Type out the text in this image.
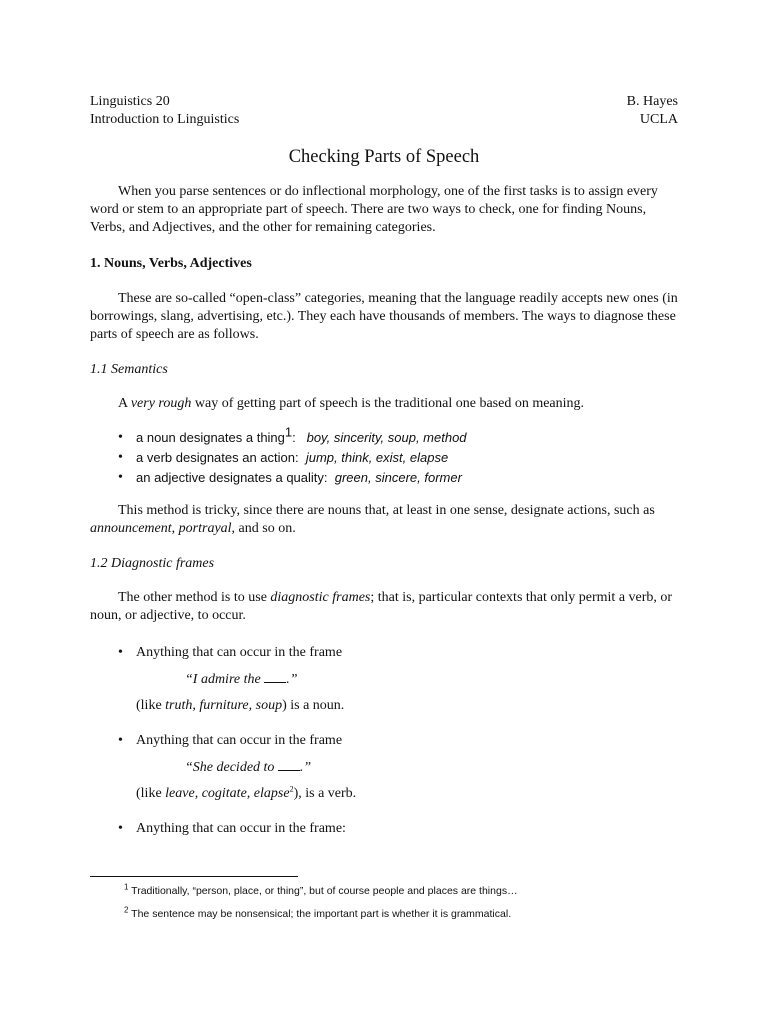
Linguistics 20	B. Hayes
Introduction to Linguistics	UCLA
Checking Parts of Speech

When you parse sentences or do inflectional morphology, one of the first tasks is to assign every word or stem to an appropriate part of speech. There are two ways to check, one for finding Nouns, Verbs, and Adjectives, and the other for remaining categories.

1. Nouns, Verbs, Adjectives

These are so-called “open-class” categories, meaning that the language readily accepts new ones (in borrowings, slang, advertising, etc.). They each have thousands of members. The ways to diagnose these parts of speech are as follows.

1.1 Semantics

A very rough way of getting part of speech is the traditional one based on meaning.

• a noun designates a thing$^1$:   boy, sincerity, soup, method
• a verb designates an action:  jump, think, exist, elapse
• an adjective designates a quality:  green, sincere, former

This method is tricky, since there are nouns that, at least in one sense, designate actions, such as announcement, portrayal, and so on.

1.2 Diagnostic frames

The other method is to use diagnostic frames; that is, particular contexts that only permit a verb, or noun, or adjective, to occur.

• Anything that can occur in the frame

“I admire the .”

(like truth, furniture, soup) is a noun.

• Anything that can occur in the frame

“She decided to .”

(like leave, cogitate, elapse$^2$), is a verb.

• Anything that can occur in the frame:
$^1$ Traditionally, “person, place, or thing”, but of course people and places are things…
$^2$ The sentence may be nonsensical; the important part is whether it is grammatical.
